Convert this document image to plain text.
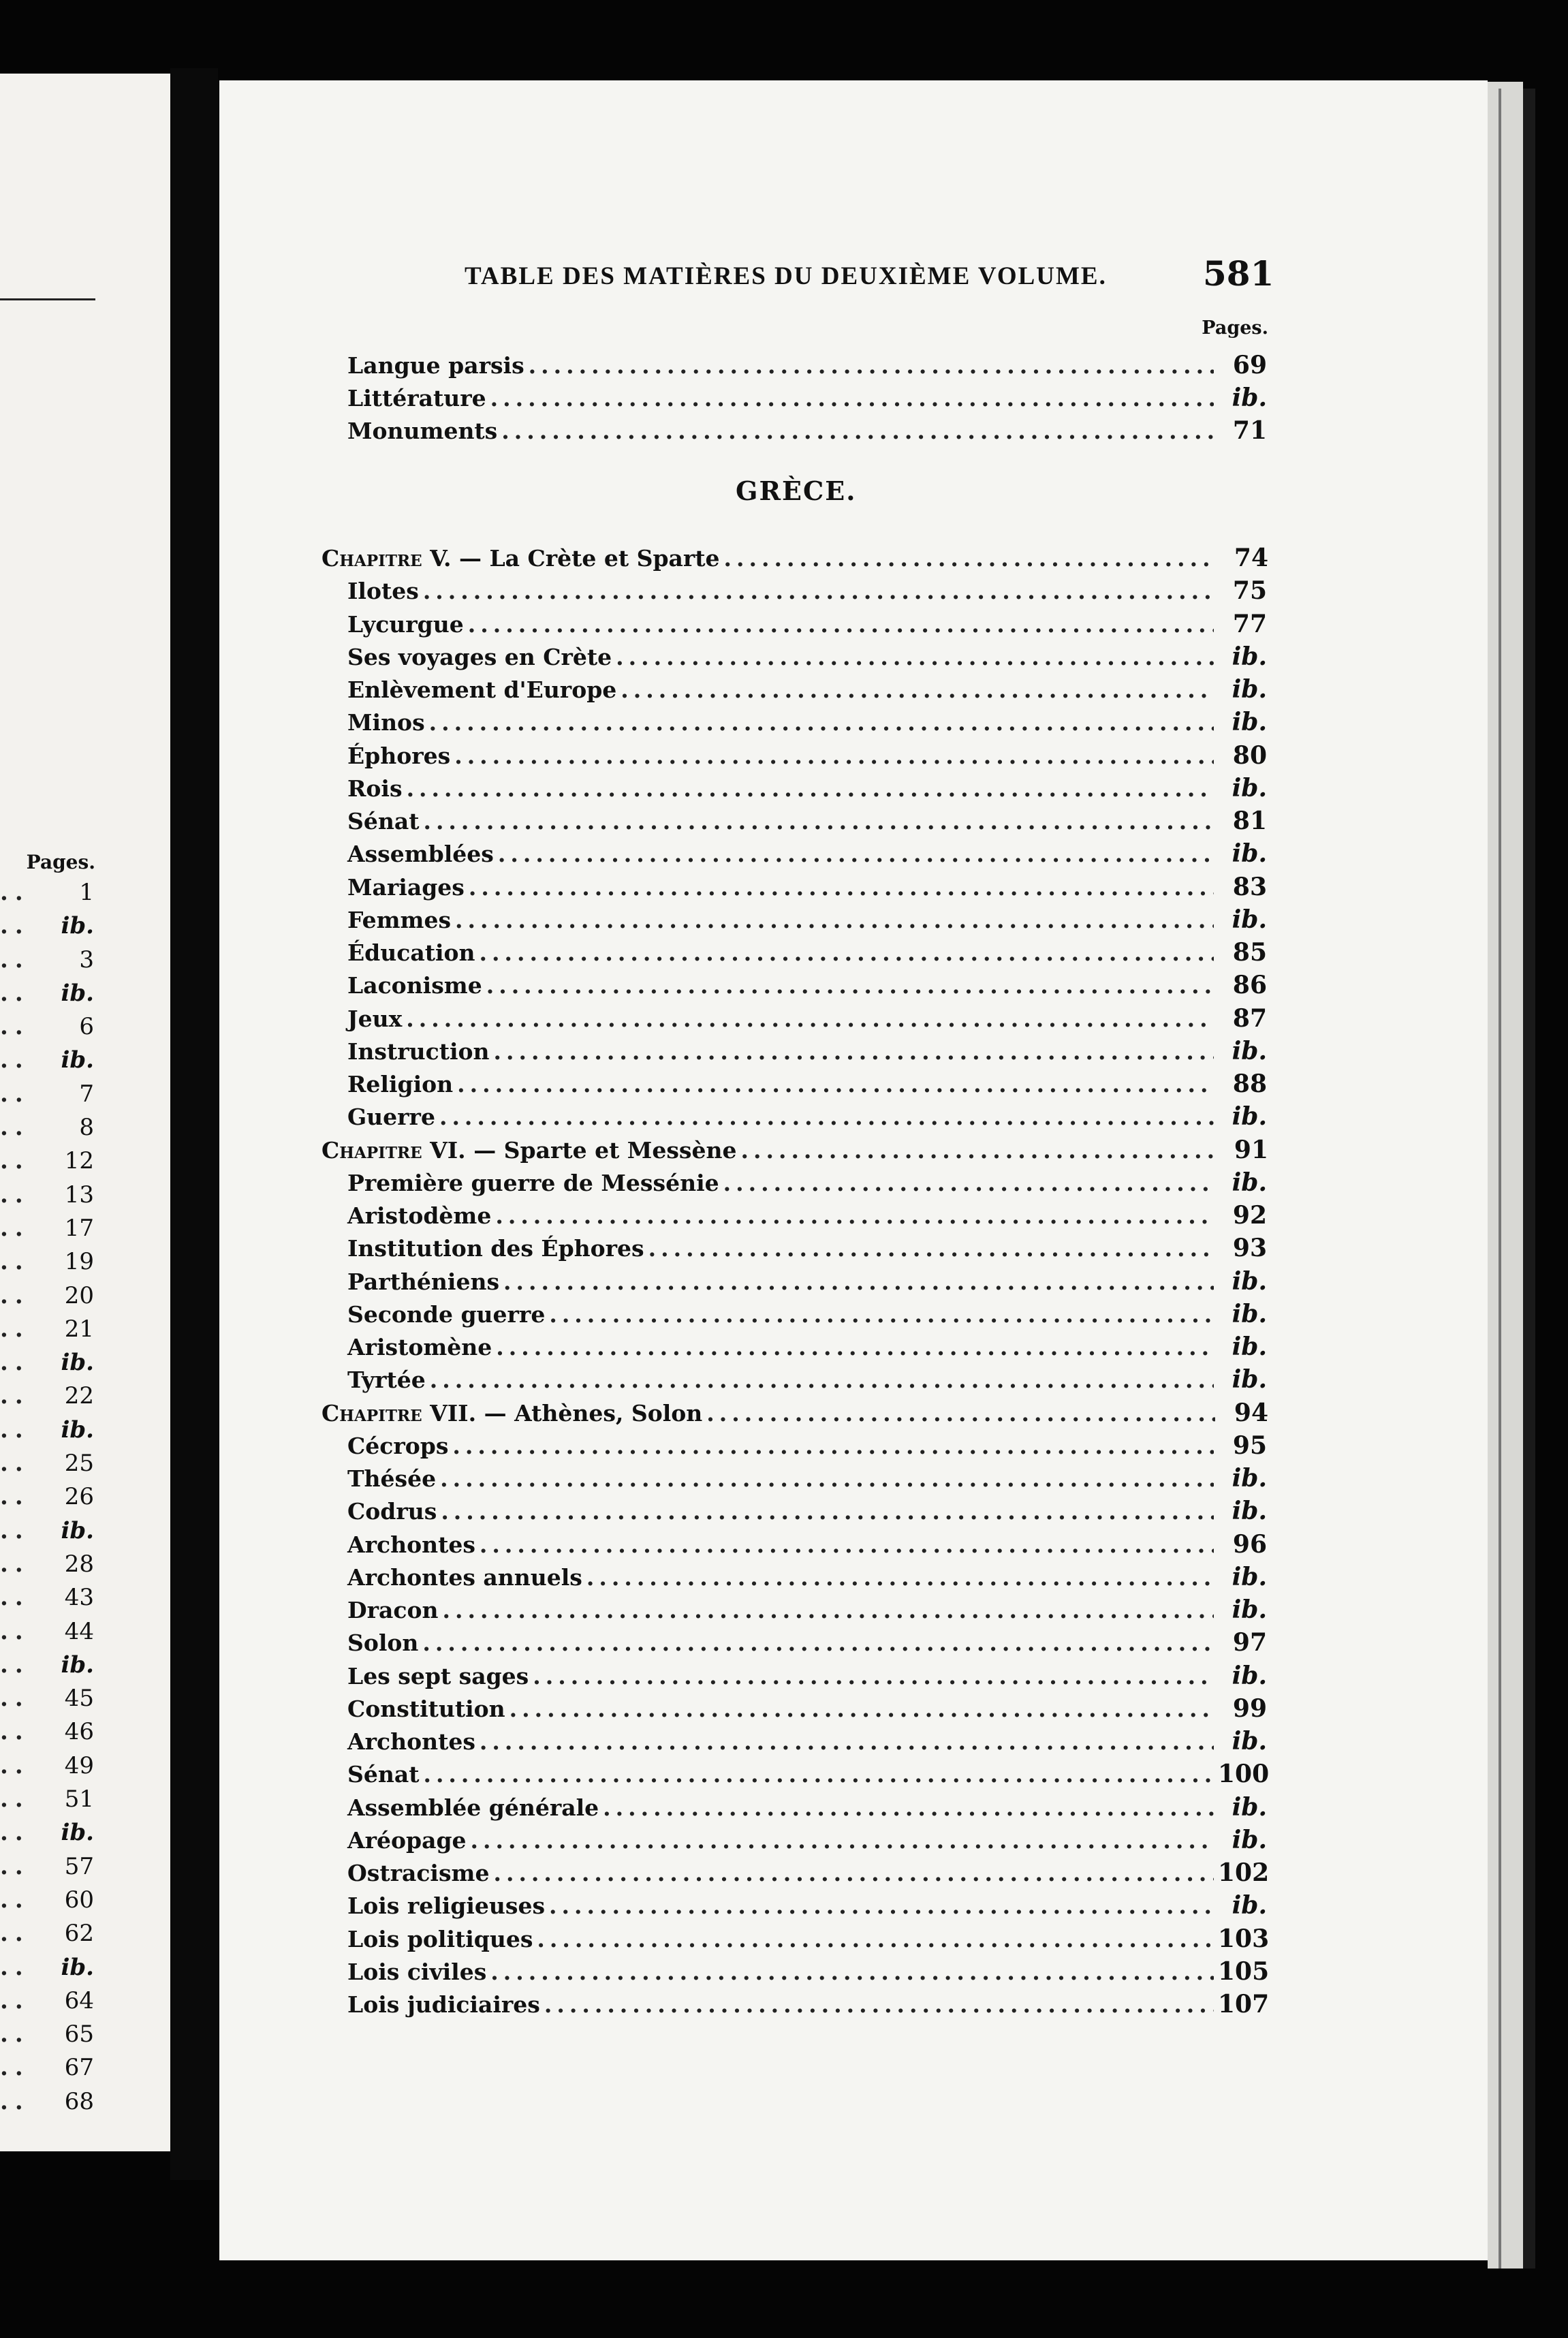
Pages.
.. 1
.. ib.
.. 3
.. ib.
.. 6
.. ib.
.. 7
.. 8
.. 12
.. 13
.. 17
.. 19
.. 20
.. 21
.. ib.
.. 22
.. ib.
.. 25
.. 26
.. ib.
.. 28
.. 43
.. 44
.. ib.
.. 45
.. 46
.. 49
.. 51
.. ib.
.. 57
.. 60
.. 62
.. ib.
.. 64
.. 65
.. 67
.. 68
TABLE DES MATIÈRES DU DEUXIÈME VOLUME.	581
Pages.
GRÈCE.
Langue parsis .....	69
Littérature .....	ib.
Monuments .....	71
Chapitre V. — La Crète et Sparte .....	74
Ilotes .....	75
Lycurgue .....	77
Ses voyages en Crète .....	ib.
Enlèvement d'Europe .....	ib.
Minos .....	ib.
Éphores .....	80
Rois .....	ib.
Sénat .....	81
Assemblées .....	ib.
Mariages .....	83
Femmes .....	ib.
Éducation .....	85
Laconisme .....	86
Jeux .....	87
Instruction .....	ib.
Religion .....	88
Guerre .....	ib.
Chapitre VI. — Sparte et Messène .....	91
Première guerre de Messénie .....	ib.
Aristodème .....	92
Institution des Éphores .....	93
Parthéniens .....	ib.
Seconde guerre .....	ib.
Aristomène .....	ib.
Tyrtée .....	ib.
Chapitre VII. — Athènes, Solon .....	94
Cécrops .....	95
Thésée .....	ib.
Codrus .....	ib.
Archontes .....	96
Archontes annuels .....	ib.
Dracon .....	ib.
Solon .....	97
Les sept sages .....	ib.
Constitution .....	99
Archontes .....	ib.
Sénat .....	100
Assemblée générale .....	ib.
Aréopage .....	ib.
Ostracisme .....	102
Lois religieuses .....	ib.
Lois politiques .....	103
Lois civiles .....	105
Lois judiciaires .....	107
